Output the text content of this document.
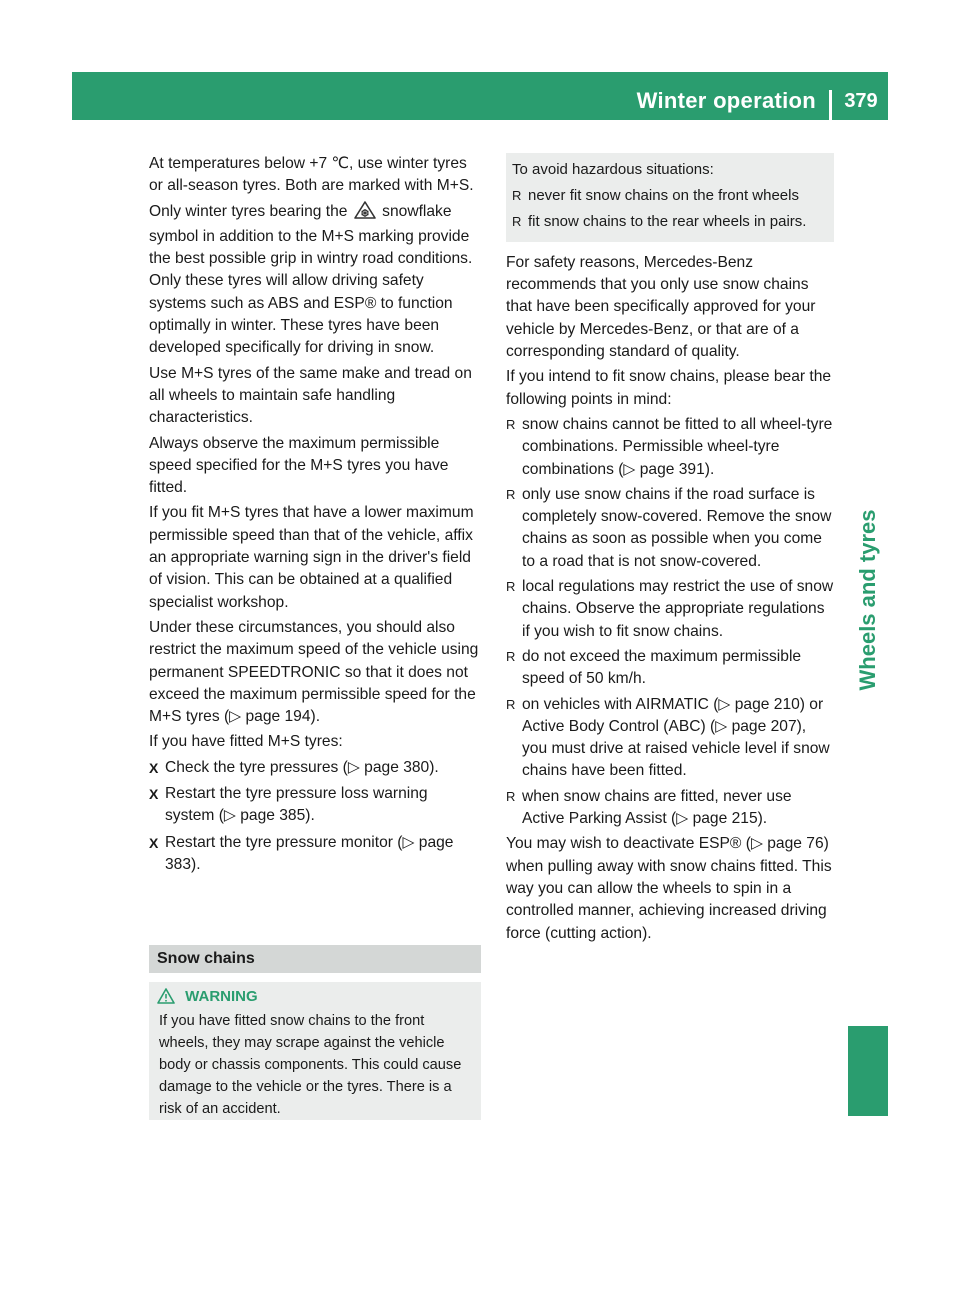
Winter operation	379
Wheels and tyres

At temperatures below +7 ℃, use winter tyres or all-season tyres. Both are marked with M+S.

Only winter tyres bearing the snowflake symbol in addition to the M+S marking provide the best possible grip in wintry road conditions. Only these tyres will allow driving safety systems such as ABS and ESP® to function optimally in winter. These tyres have been developed specifically for driving in snow.

Use M+S tyres of the same make and tread on all wheels to maintain safe handling characteristics.

Always observe the maximum permissible speed specified for the M+S tyres you have fitted.

If you fit M+S tyres that have a lower maximum permissible speed than that of the vehicle, affix an appropriate warning sign in the driver's field of vision. This can be obtained at a qualified specialist workshop.

Under these circumstances, you should also restrict the maximum speed of the vehicle using permanent SPEEDTRONIC so that it does not exceed the maximum permissible speed for the M+S tyres (▷ page 194).

If you have fitted M+S tyres:

X Check the tyre pressures (▷ page 380).
X Restart the tyre pressure loss warning system (▷ page 385).
X Restart the tyre pressure monitor (▷ page 383).
Snow chains
WARNING
If you have fitted snow chains to the front wheels, they may scrape against the vehicle body or chassis components. This could cause damage to the vehicle or the tyres. There is a risk of an accident.
To avoid hazardous situations:
R never fit snow chains on the front wheels
R fit snow chains to the rear wheels in pairs.

For safety reasons, Mercedes-Benz recommends that you only use snow chains that have been specifically approved for your vehicle by Mercedes-Benz, or that are of a corresponding standard of quality.

If you intend to fit snow chains, please bear the following points in mind:

R snow chains cannot be fitted to all wheel-tyre combinations. Permissible wheel-tyre combinations (▷ page 391).
R only use snow chains if the road surface is completely snow-covered. Remove the snow chains as soon as possible when you come to a road that is not snow-covered.
R local regulations may restrict the use of snow chains. Observe the appropriate regulations if you wish to fit snow chains.
R do not exceed the maximum permissible speed of 50 km/h.
R on vehicles with AIRMATIC (▷ page 210) or Active Body Control (ABC) (▷ page 207), you must drive at raised vehicle level if snow chains have been fitted.
R when snow chains are fitted, never use Active Parking Assist (▷ page 215).

You may wish to deactivate ESP® (▷ page 76) when pulling away with snow chains fitted. This way you can allow the wheels to spin in a controlled manner, achieving increased driving force (cutting action).
